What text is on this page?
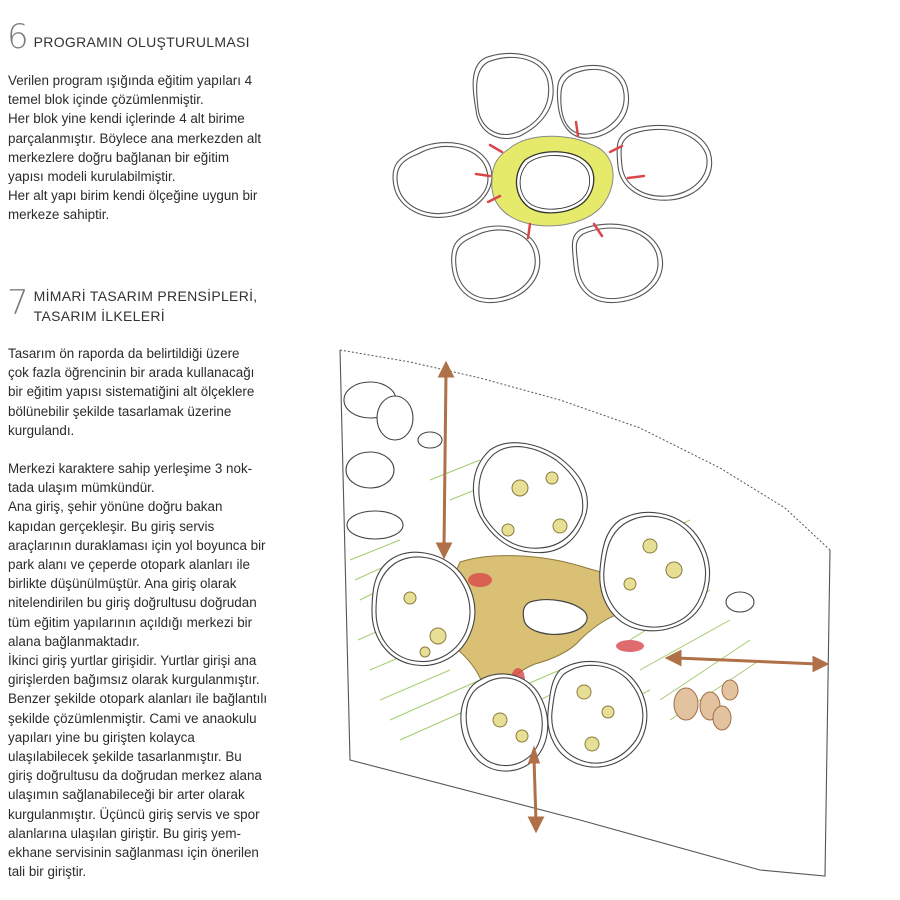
6 PROGRAMIN OLUŞTURULMASI
Verilen program ışığında eğitim yapıları 4
temel blok içinde çözümlenmiştir.
Her blok yine kendi içlerinde 4 alt birime
parçalanmıştır. Böylece ana merkezden alt
merkezlere doğru bağlanan bir eğitim
yapısı modeli kurulabilmiştir.
Her alt yapı birim kendi ölçeğine uygun bir
merkeze sahiptir.
7 MİMARİ TASARIM PRENSİPLERİ,
TASARIM İLKELERİ
Tasarım ön raporda da belirtildiği üzere
çok fazla öğrencinin bir arada kullanacağı
bir eğitim yapısı sistematiğini alt ölçeklere
bölünebilir şekilde tasarlamak üzerine
kurgulandı.
Merkezi karaktere sahip yerleşime 3 nok-
tada ulaşım mümkündür.
Ana giriş, şehir yönüne doğru bakan
kapıdan gerçekleşir. Bu giriş servis
araçlarının duraklaması için yol boyunca bir
park alanı ve çeperde otopark alanları ile
birlikte düşünülmüştür. Ana giriş olarak
nitelendirilen bu giriş doğrultusu doğrudan
tüm eğitim yapılarının açıldığı merkezi bir
alana bağlanmaktadır.
İkinci giriş yurtlar girişidir. Yurtlar girişi ana
girişlerden bağımsız olarak kurgulanmıştır.
Benzer şekilde otopark alanları ile bağlantılı
şekilde çözümlenmiştir. Cami ve anaokulu
yapıları yine bu girişten kolayca
ulaşılabilecek şekilde tasarlanmıştır. Bu
giriş doğrultusu da doğrudan merkez alana
ulaşımın sağlanabileceği bir arter olarak
kurgulanmıştır. Üçüncü giriş servis ve spor
alanlarına ulaşılan giriştir. Bu giriş yem-
ekhane servisinin sağlanması için önerilen
tali bir giriştir.
